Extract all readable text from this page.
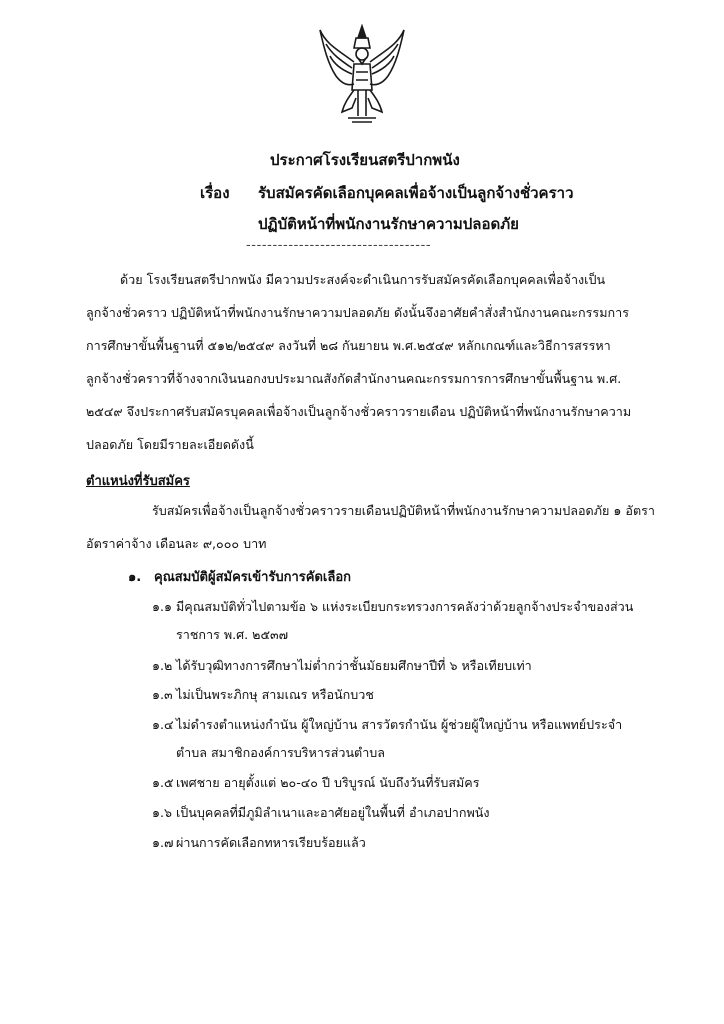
ประกาศโรงเรียนสตรีปากพนัง
เรื่อง รับสมัครคัดเลือกบุคคลเพื่อจ้างเป็นลูกจ้างชั่วคราว
ปฏิบัติหน้าที่พนักงานรักษาความปลอดภัย
-----------------------------------
ด้วย โรงเรียนสตรีปากพนัง มีความประสงค์จะดำเนินการรับสมัครคัดเลือกบุคคลเพื่อจ้างเป็น
ลูกจ้างชั่วคราว ปฏิบัติหน้าที่พนักงานรักษาความปลอดภัย ดังนั้นจึงอาศัยคำสั่งสำนักงานคณะกรรมการ
การศึกษาขั้นพื้นฐานที่ ๕๑๒/๒๕๔๙ ลงวันที่ ๒๘ กันยายน พ.ศ.๒๕๔๙ หลักเกณฑ์และวิธีการสรรหา
ลูกจ้างชั่วคราวที่จ้างจากเงินนอกงบประมาณสังกัดสำนักงานคณะกรรมการการศึกษาขั้นพื้นฐาน พ.ศ.
๒๕๔๙ จึงประกาศรับสมัครบุคคลเพื่อจ้างเป็นลูกจ้างชั่วคราวรายเดือน ปฏิบัติหน้าที่พนักงานรักษาความ
ปลอดภัย โดยมีรายละเอียดดังนี้
ตำแหน่งที่รับสมัคร
รับสมัครเพื่อจ้างเป็นลูกจ้างชั่วคราวรายเดือนปฏิบัติหน้าที่พนักงานรักษาความปลอดภัย ๑ อัตรา
อัตราค่าจ้าง เดือนละ ๙,๐๐๐ บาท
๑. คุณสมบัติผู้สมัครเข้ารับการคัดเลือก
๑.๑ มีคุณสมบัติทั่วไปตามข้อ ๖ แห่งระเบียบกระทรวงการคลังว่าด้วยลูกจ้างประจำของส่วน
ราชการ พ.ศ. ๒๕๓๗
๑.๒ ได้รับวุฒิทางการศึกษาไม่ต่ำกว่าชั้นมัธยมศึกษาปีที่ ๖ หรือเทียบเท่า
๑.๓ ไม่เป็นพระภิกษุ สามเณร หรือนักบวช
๑.๔ ไม่ดำรงตำแหน่งกำนัน ผู้ใหญ่บ้าน สารวัตรกำนัน ผู้ช่วยผู้ใหญ่บ้าน หรือแพทย์ประจำ
ตำบล สมาชิกองค์การบริหารส่วนตำบล
๑.๕ เพศชาย อายุตั้งแต่ ๒๐-๔๐ ปี บริบูรณ์ นับถึงวันที่รับสมัคร
๑.๖ เป็นบุคคลที่มีภูมิลำเนาและอาศัยอยู่ในพื้นที่ อำเภอปากพนัง
๑.๗ ผ่านการคัดเลือกทหารเรียบร้อยแล้ว
